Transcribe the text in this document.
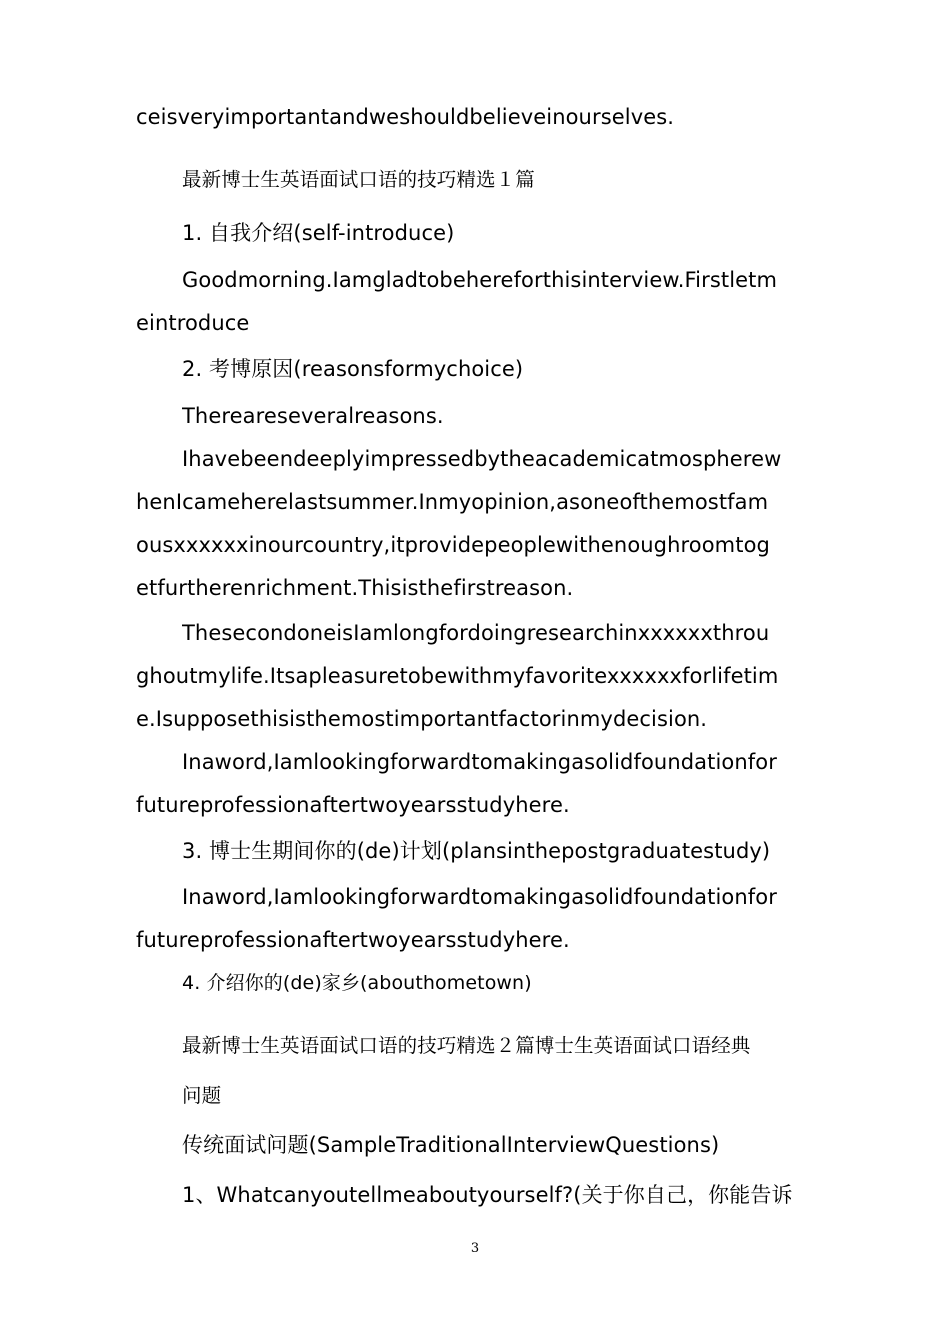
ceisveryimportantandweshouldbelieveinourselves.
最新博士生英语面试口语的技巧精选１篇
1. 自我介绍(self-introduce)
Goodmorning.Iamgladtobehereforthisinterview.Firstletm
eintroduce
2. 考博原因(reasonsformychoice)
Thereareseveralreasons.
Ihavebeendeeplyimpressedbytheacademicatmospherew
henIcameherelastsummer.Inmyopinion,asoneofthemostfam
ousxxxxxxinourcountry,itprovidepeoplewithenoughroomtog
etfurtherenrichment.Thisisthefirstreason.
ThesecondoneisIamlongfordoingresearchinxxxxxxthrou
ghoutmylife.Itsapleasuretobewithmyfavoritexxxxxxforlifetim
e.Isupposethisisthemostimportantfactorinmydecision.
Inaword,Iamlookingforwardtomakingasolidfoundationfor
futureprofessionaftertwoyearsstudyhere.
3. 博士生期间你的(de)计划(plansinthepostgraduatestudy)
Inaword,Iamlookingforwardtomakingasolidfoundationfor
futureprofessionaftertwoyearsstudyhere.
4. 介绍你的(de)家乡(abouthometown)
最新博士生英语面试口语的技巧精选２篇博士生英语面试口语经典
问题
传统面试问题(SampleTraditionalInterviewQuestions)
1、Whatcanyoutellmeaboutyourself?(关于你自己，你能告诉
3
